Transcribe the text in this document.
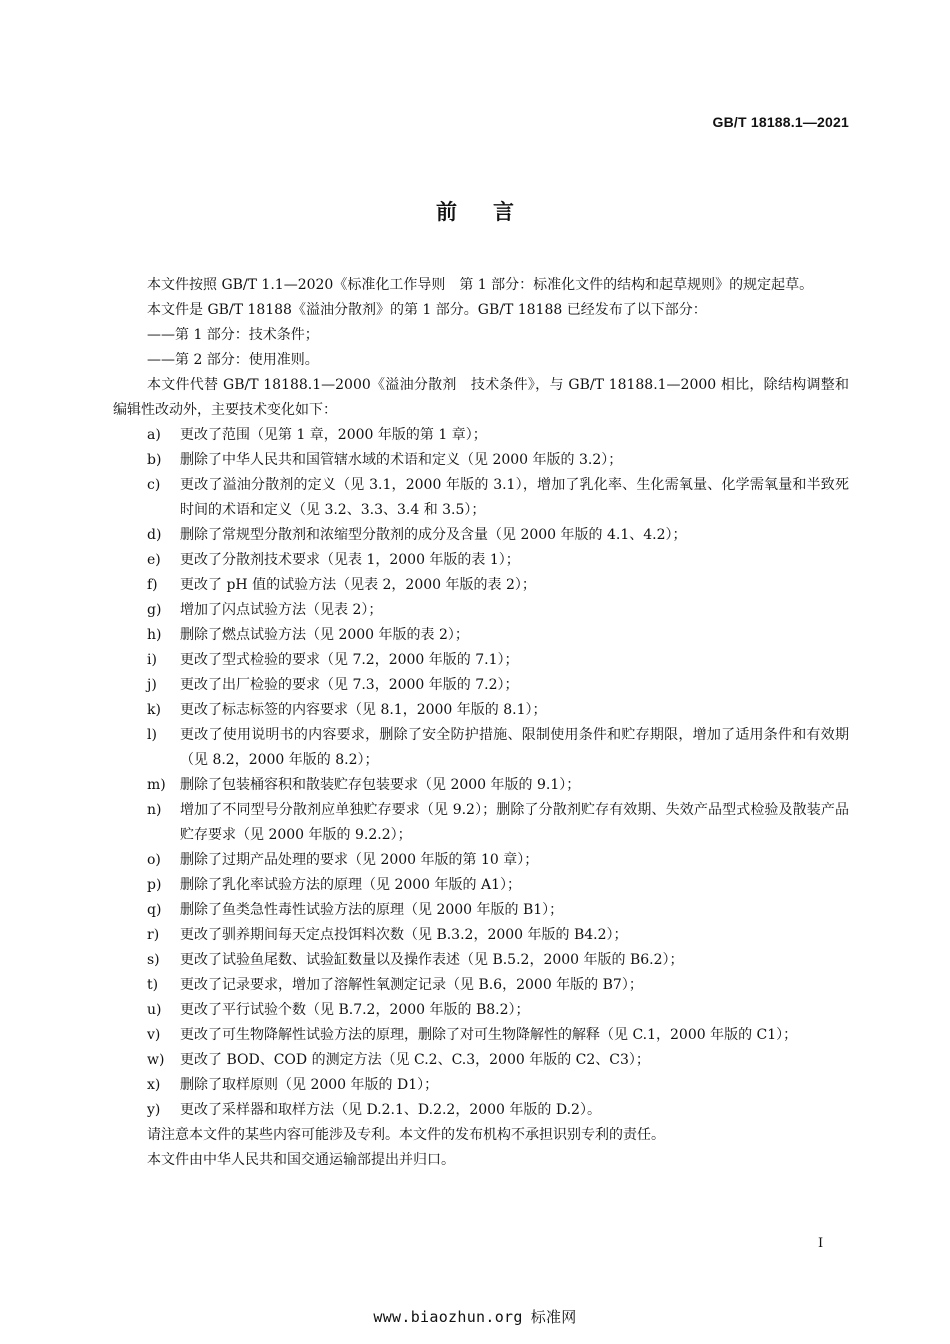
GB/T 18188.1—2021
前言
本文件按照 GB/T 1.1—2020《标准化工作导则　第 1 部分：标准化文件的结构和起草规则》的规定起草。
本文件是 GB/T 18188《溢油分散剂》的第 1 部分。GB/T 18188 已经发布了以下部分：
——第 1 部分：技术条件；
——第 2 部分：使用准则。
本文件代替 GB/T 18188.1—2000《溢油分散剂　技术条件》，与 GB/T 18188.1—2000 相比，除结构调整和编辑性改动外，主要技术变化如下：
a) 更改了范围（见第 1 章，2000 年版的第 1 章）；
b) 删除了中华人民共和国管辖水域的术语和定义（见 2000 年版的 3.2）；
c) 更改了溢油分散剂的定义（见 3.1，2000 年版的 3.1），增加了乳化率、生化需氧量、化学需氧量和半致死时间的术语和定义（见 3.2、3.3、3.4 和 3.5）；
d) 删除了常规型分散剂和浓缩型分散剂的成分及含量（见 2000 年版的 4.1、4.2）；
e) 更改了分散剂技术要求（见表 1，2000 年版的表 1）；
f) 更改了 pH 值的试验方法（见表 2，2000 年版的表 2）；
g) 增加了闪点试验方法（见表 2）；
h) 删除了燃点试验方法（见 2000 年版的表 2）；
i) 更改了型式检验的要求（见 7.2，2000 年版的 7.1）；
j) 更改了出厂检验的要求（见 7.3，2000 年版的 7.2）；
k) 更改了标志标签的内容要求（见 8.1，2000 年版的 8.1）；
l) 更改了使用说明书的内容要求，删除了安全防护措施、限制使用条件和贮存期限，增加了适用条件和有效期（见 8.2，2000 年版的 8.2）；
m) 删除了包装桶容积和散装贮存包装要求（见 2000 年版的 9.1）；
n) 增加了不同型号分散剂应单独贮存要求（见 9.2）；删除了分散剂贮存有效期、失效产品型式检验及散装产品贮存要求（见 2000 年版的 9.2.2）；
o) 删除了过期产品处理的要求（见 2000 年版的第 10 章）；
p) 删除了乳化率试验方法的原理（见 2000 年版的 A1）；
q) 删除了鱼类急性毒性试验方法的原理（见 2000 年版的 B1）；
r) 更改了驯养期间每天定点投饵料次数（见 B.3.2，2000 年版的 B4.2）；
s) 更改了试验鱼尾数、试验缸数量以及操作表述（见 B.5.2，2000 年版的 B6.2）；
t) 更改了记录要求，增加了溶解性氧测定记录（见 B.6，2000 年版的 B7）；
u) 更改了平行试验个数（见 B.7.2，2000 年版的 B8.2）；
v) 更改了可生物降解性试验方法的原理，删除了对可生物降解性的解释（见 C.1，2000 年版的 C1）；
w) 更改了 BOD、COD 的测定方法（见 C.2、C.3，2000 年版的 C2、C3）；
x) 删除了取样原则（见 2000 年版的 D1）；
y) 更改了采样器和取样方法（见 D.2.1、D.2.2，2000 年版的 D.2）。
请注意本文件的某些内容可能涉及专利。本文件的发布机构不承担识别专利的责任。
本文件由中华人民共和国交通运输部提出并归口。
I
www.biaozhun.org 标准网
